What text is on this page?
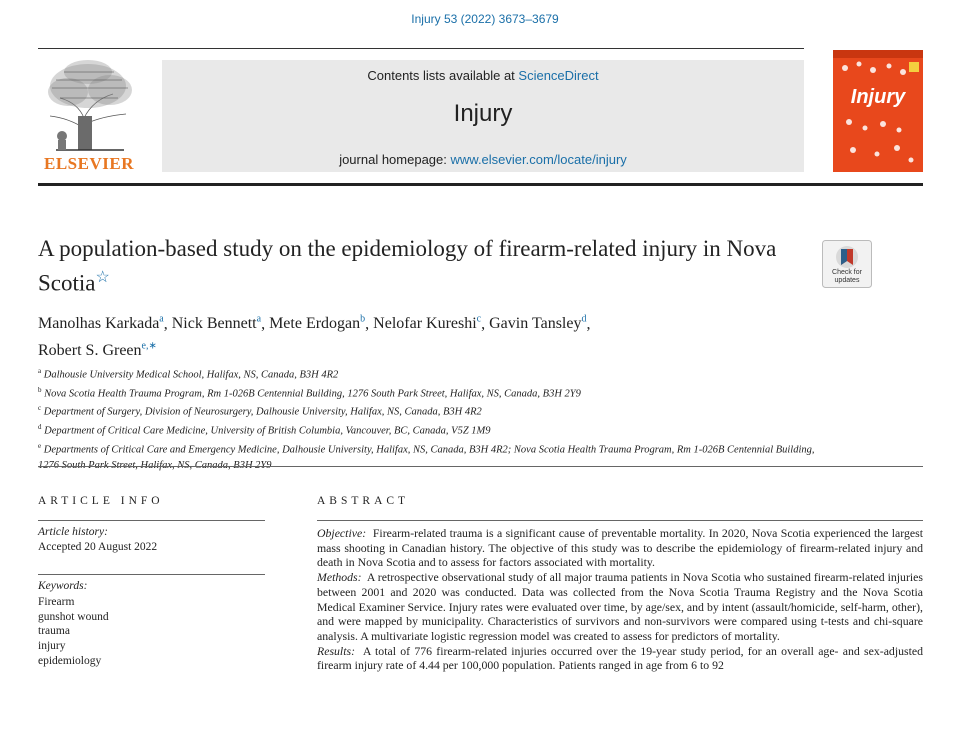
Injury 53 (2022) 3673–3679
ELSEVIER
Contents lists available at ScienceDirect
Injury
journal homepage: www.elsevier.com/locate/injury
Injury
A population-based study on the epidemiology of firearm-related injury in Nova Scotia☆	Check for updates
Manolhas Karkada$^a$, Nick Bennett$^a$, Mete Erdogan$^b$, Nelofar Kureshi$^c$, Gavin Tansley$^d$,
Robert S. Green$^{e,∗}$
$^a$ Dalhousie University Medical School, Halifax, NS, Canada, B3H 4R2
$^b$ Nova Scotia Health Trauma Program, Rm 1-026B Centennial Building, 1276 South Park Street, Halifax, NS, Canada, B3H 2Y9
$^c$ Department of Surgery, Division of Neurosurgery, Dalhousie University, Halifax, NS, Canada, B3H 4R2
$^d$ Department of Critical Care Medicine, University of British Columbia, Vancouver, BC, Canada, V5Z 1M9
$^e$ Departments of Critical Care and Emergency Medicine, Dalhousie University, Halifax, NS, Canada, B3H 4R2; Nova Scotia Health Trauma Program, Rm 1-026B Centennial Building,
ARTICLE INFO
Article history:
Accepted 20 August 2022
Keywords:
Firearm
gunshot wound
trauma
injury
epidemiology
ABSTRACT

Objective: Firearm-related trauma is a significant cause of preventable mortality. In 2020, Nova Scotia experienced the largest mass shooting in Canadian history. The objective of this study was to describe the epidemiology of firearm-related injury and death in Nova Scotia and to assess for factors associated with mortality.

Methods: A retrospective observational study of all major trauma patients in Nova Scotia who sustained firearm-related injuries between 2001 and 2020 was conducted. Data was collected from the Nova Scotia Trauma Registry and the Nova Scotia Medical Examiner Service. Injury rates were evaluated over time, by age/sex, and by intent (assault/homicide, self-harm, other), and were mapped by municipality. Characteristics of survivors and non-survivors were compared using t-tests and chi-square analysis. A multivariate logistic regression model was created to assess for predictors of mortality.

Results: A total of 776 firearm-related injuries occurred over the 19-year study period, for an overall age- and sex-adjusted firearm injury rate of 4.44 per 100,000 population. Patients ranged in age from 6 to 92
